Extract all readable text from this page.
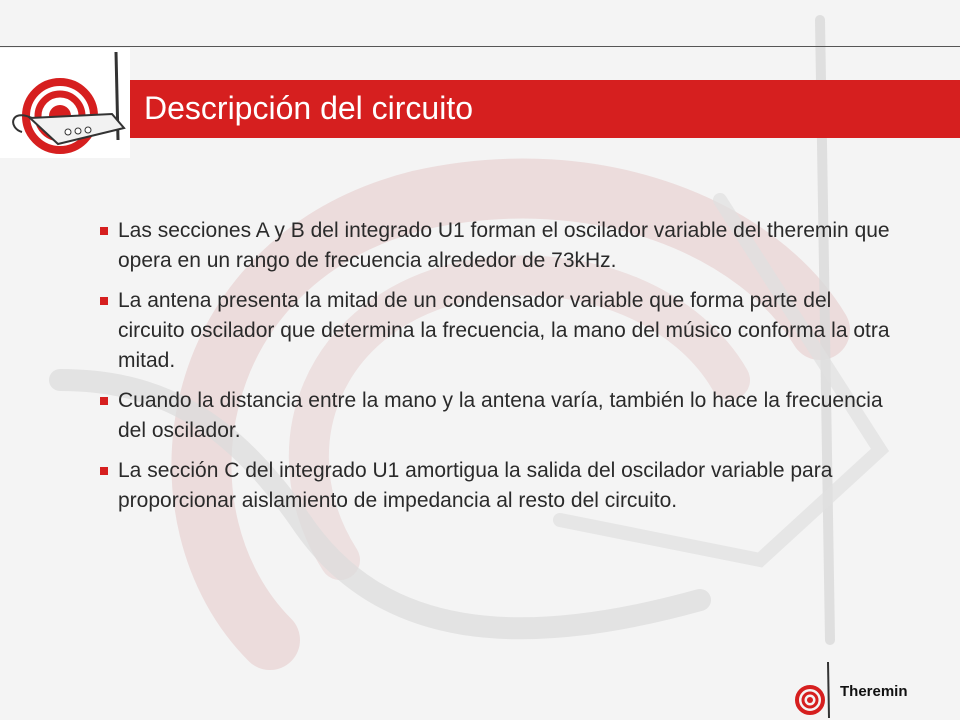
Descripción del circuito
Las secciones A y B del integrado U1 forman el oscilador variable del theremin que opera en un rango de frecuencia alrededor de 73kHz.
La antena presenta la mitad de un condensador variable que forma parte del circuito oscilador que determina la frecuencia, la mano del músico conforma la otra mitad.
Cuando la distancia entre la mano y la antena varía, también lo hace la frecuencia del oscilador.
La sección C del integrado U1 amortigua la salida del oscilador variable para proporcionar aislamiento de impedancia al resto del circuito.
Theremin
